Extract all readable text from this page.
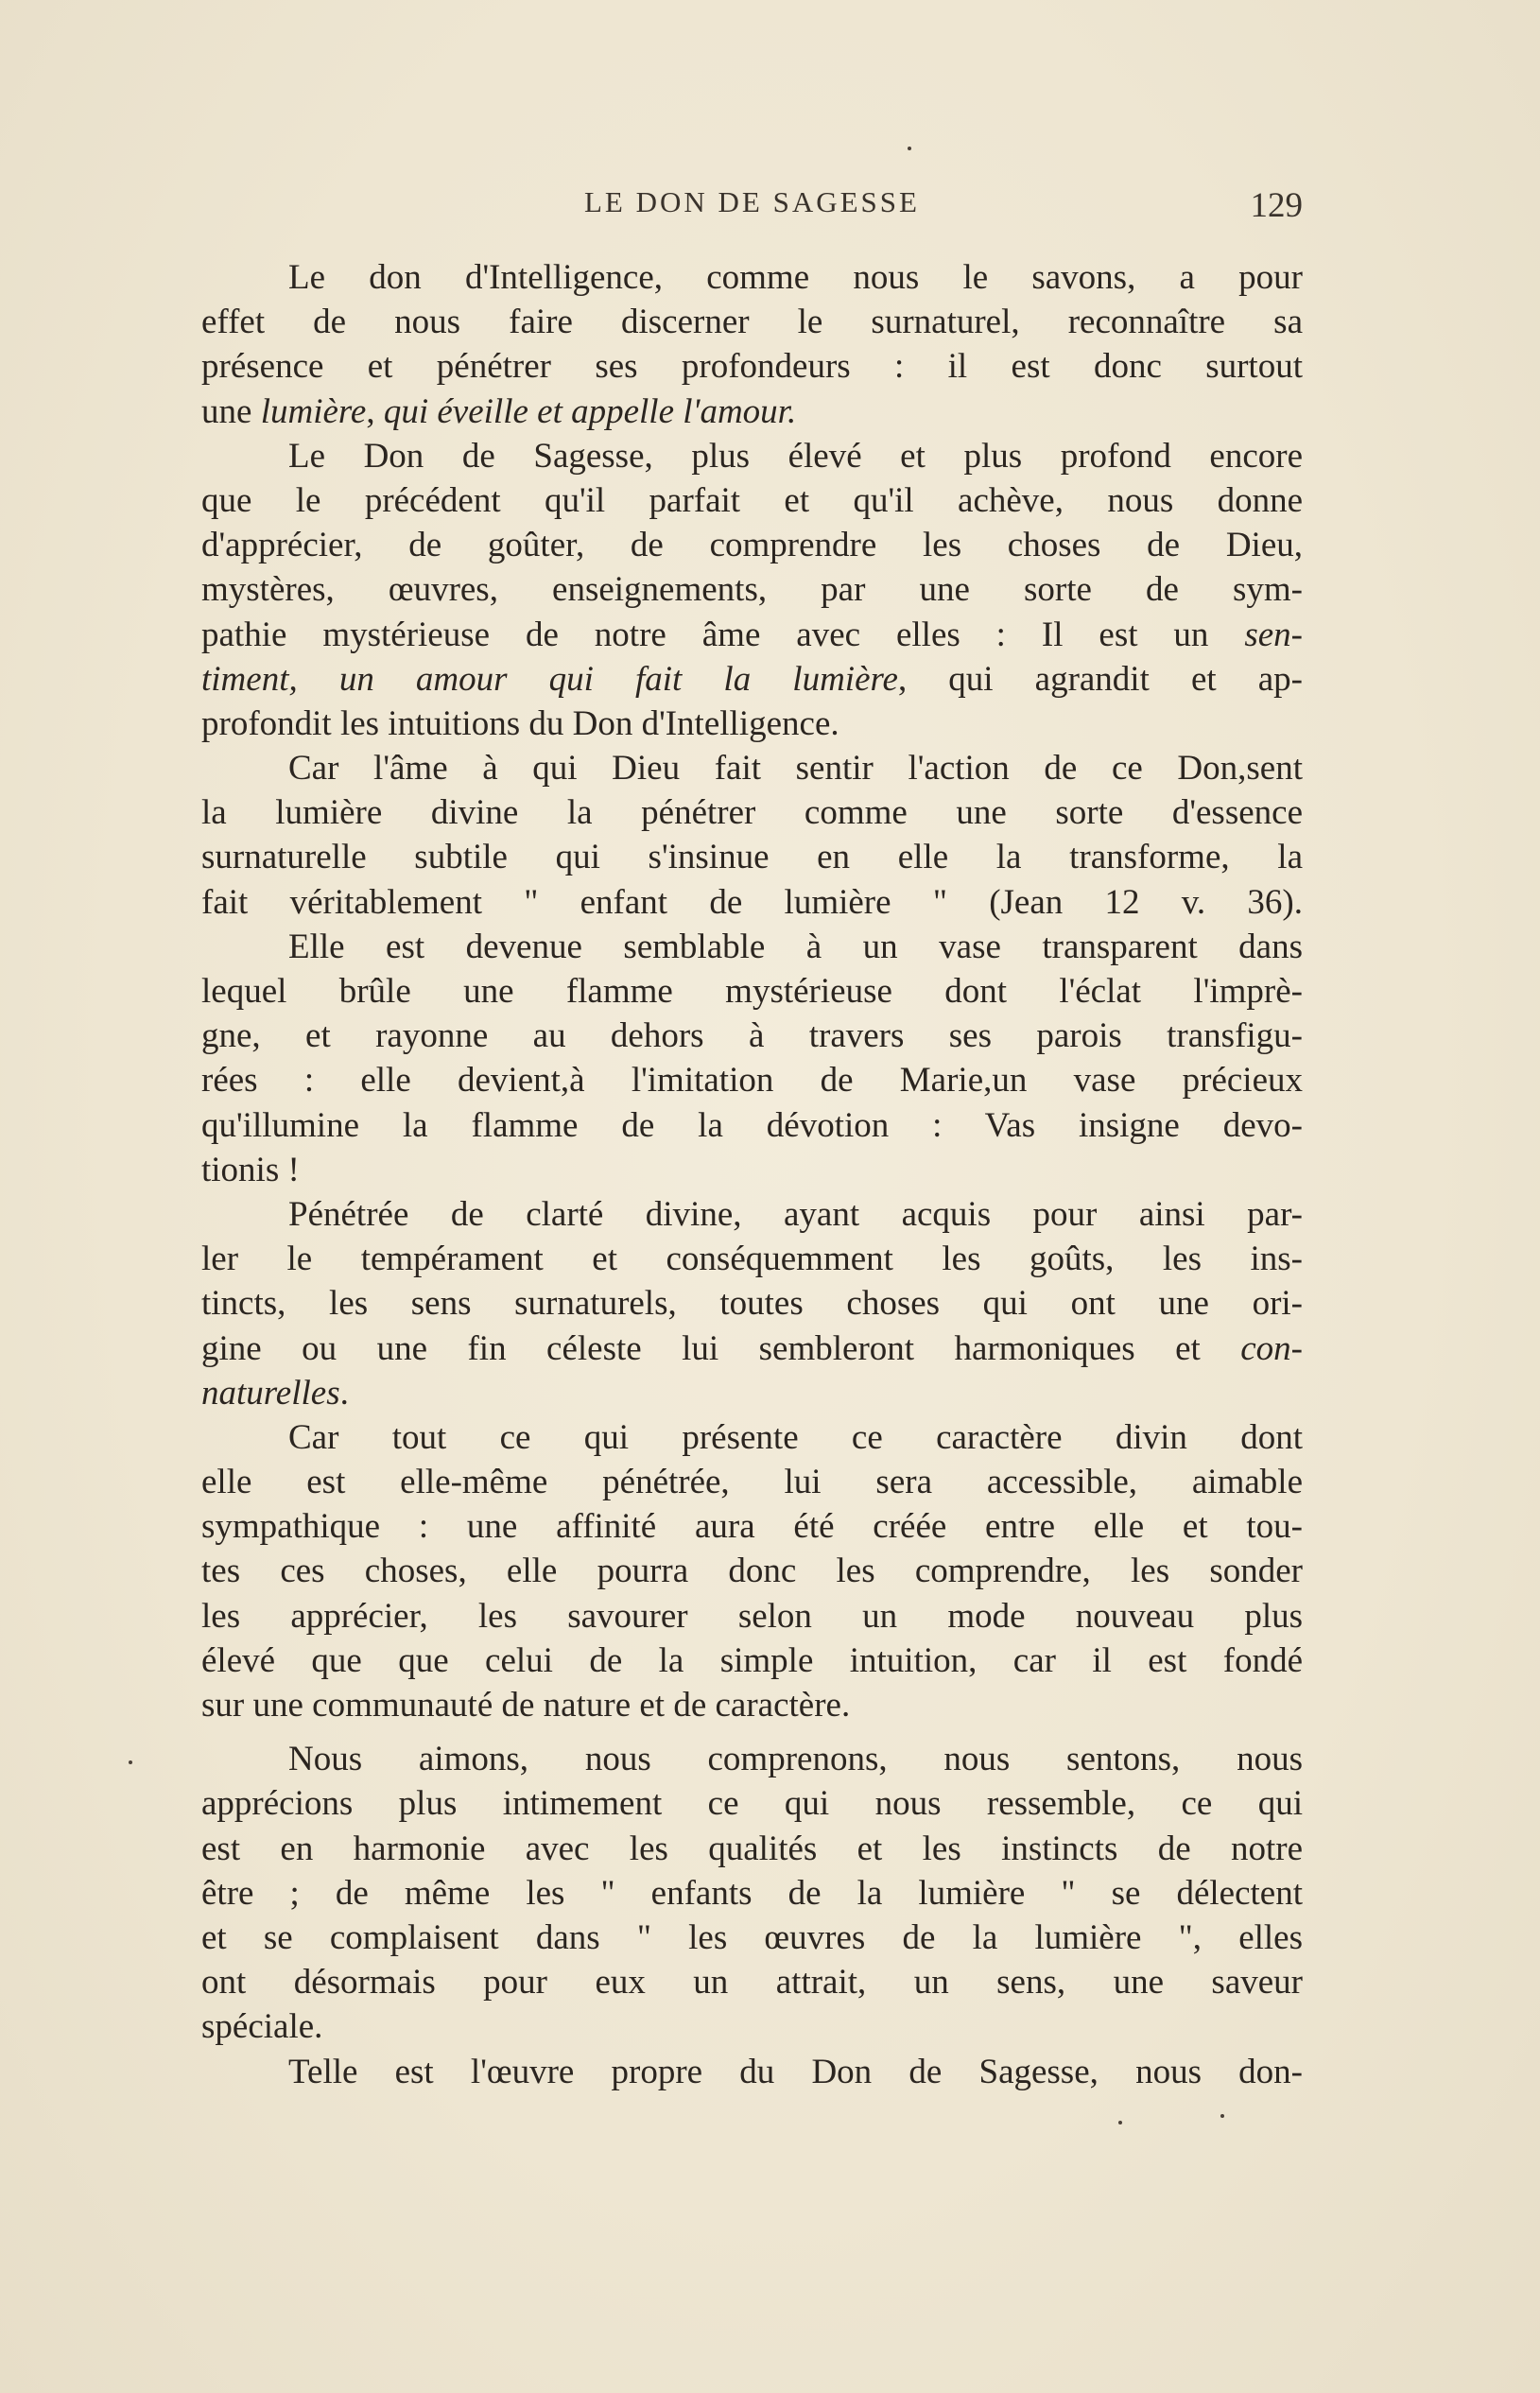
LE DON DE SAGESSE	129
Le don d'Intelligence, comme nous le savons, a pour
effet de nous faire discerner le surnaturel, reconnaître sa
présence et pénétrer ses profondeurs : il est donc surtout
une lumière, qui éveille et appelle l'amour.
Le Don de Sagesse, plus élevé et plus profond encore
que le précédent qu'il parfait et qu'il achève, nous donne
d'apprécier, de goûter, de comprendre les choses de Dieu,
mystères, œuvres, enseignements, par une sorte de sym-
pathie mystérieuse de notre âme avec elles : Il est un sen-
timent, un amour qui fait la lumière, qui agrandit et ap-
profondit les intuitions du Don d'Intelligence.
Car l'âme à qui Dieu fait sentir l'action de ce Don,sent
la lumière divine la pénétrer comme une sorte d'essence
surnaturelle subtile qui s'insinue en elle la transforme, la
fait véritablement " enfant de lumière " (Jean 12 v. 36).
Elle est devenue semblable à un vase transparent dans
lequel brûle une flamme mystérieuse dont l'éclat l'imprè-
gne, et rayonne au dehors à travers ses parois transfigu-
rées : elle devient,à l'imitation de Marie,un vase précieux
qu'illumine la flamme de la dévotion : Vas insigne devo-
tionis !
Pénétrée de clarté divine, ayant acquis pour ainsi par-
ler le tempérament et conséquemment les goûts, les ins-
tincts, les sens surnaturels, toutes choses qui ont une ori-
gine ou une fin céleste lui sembleront harmoniques et con-
naturelles.
Car tout ce qui présente ce caractère divin dont
elle est elle-même pénétrée, lui sera accessible, aimable
sympathique : une affinité aura été créée entre elle et tou-
tes ces choses, elle pourra donc les comprendre, les sonder
les apprécier, les savourer selon un mode nouveau plus
élevé que que celui de la simple intuition, car il est fondé
sur une communauté de nature et de caractère.
Nous aimons, nous comprenons, nous sentons, nous
apprécions plus intimement ce qui nous ressemble, ce qui
est en harmonie avec les qualités et les instincts de notre
être ; de même les " enfants de la lumière " se délectent
et se complaisent dans " les œuvres de la lumière ", elles
ont désormais pour eux un attrait, un sens, une saveur
spéciale.
Telle est l'œuvre propre du Don de Sagesse, nous don-
